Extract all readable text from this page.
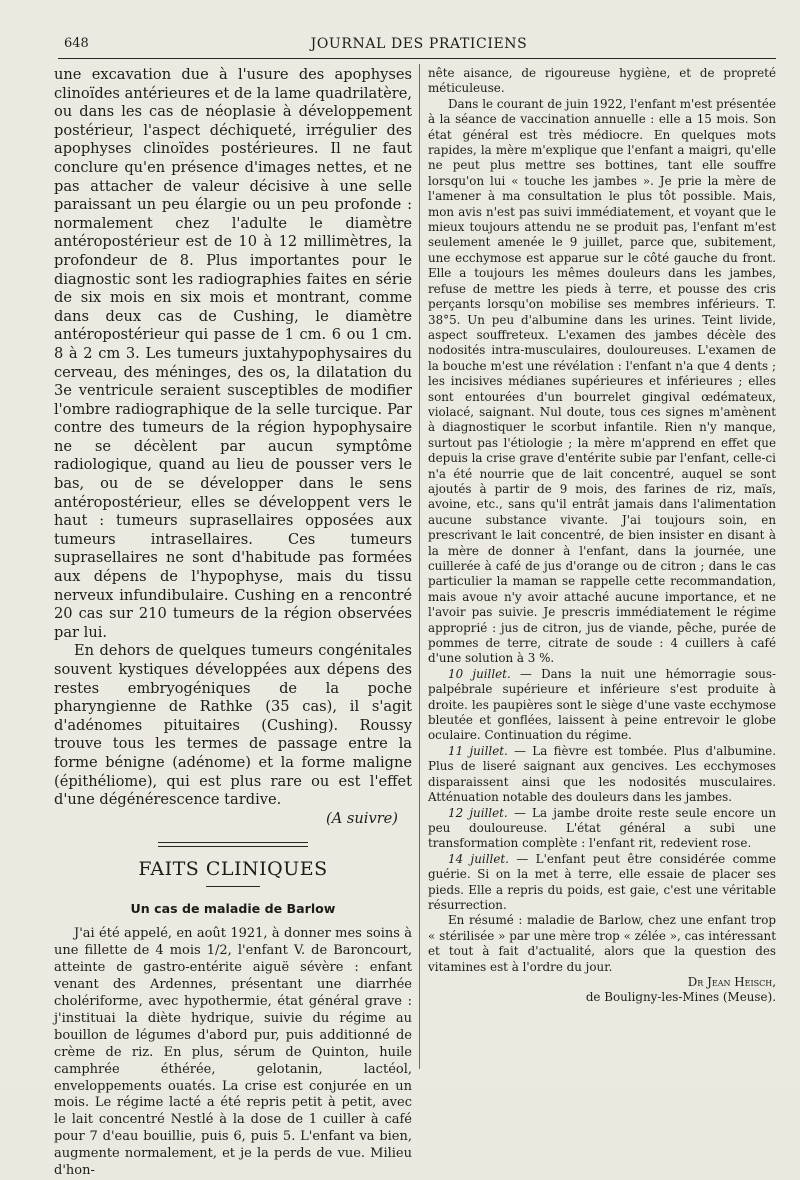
648	JOURNAL DES PRATICIENS

une excavation due à l'usure des apophyses clinoïdes antérieures et de la lame quadrilatère, ou dans les cas de néoplasie à développement postérieur, l'aspect déchiqueté, irrégulier des apophyses clinoïdes postérieures. Il ne faut conclure qu'en présence d'images nettes, et ne pas attacher de valeur décisive à une selle paraissant un peu élargie ou un peu profonde : normalement chez l'adulte le diamètre antéropostérieur est de 10 à 12 millimètres, la profondeur de 8. Plus importantes pour le diagnostic sont les radiographies faites en série de six mois en six mois et montrant, comme dans deux cas de Cushing, le diamètre antéropostérieur qui passe de 1 cm. 6 ou 1 cm. 8 à 2 cm 3. Les tumeurs juxtahypophysaires du cerveau, des méninges, des os, la dilatation du 3e ventricule seraient susceptibles de modifier l'ombre radiographique de la selle turcique. Par contre des tumeurs de la région hypophysaire ne se décèlent par aucun symptôme radiologique, quand au lieu de pousser vers le bas, ou de se développer dans le sens antéropostérieur, elles se développent vers le haut : tumeurs suprasellaires opposées aux tumeurs intrasellaires. Ces tumeurs suprasellaires ne sont d'habitude pas formées aux dépens de l'hypophyse, mais du tissu nerveux infundibulaire. Cushing en a rencontré 20 cas sur 210 tumeurs de la région observées par lui.

En dehors de quelques tumeurs congénitales souvent kystiques développées aux dépens des restes embryogéniques de la poche pharyngienne de Rathke (35 cas), il s'agit d'adénomes pituitaires (Cushing). Roussy trouve tous les termes de passage entre la forme bénigne (adénome) et la forme maligne (épithéliome), qui est plus rare ou est l'effet d'une dégénérescence tardive.

(A suivre)

FAITS CLINIQUES
Un cas de maladie de Barlow

J'ai été appelé, en août 1921, à donner mes soins à une fillette de 4 mois 1/2, l'enfant V. de Baroncourt, atteinte de gastro-entérite aiguë sévère : enfant venant des Ardennes, présentant une diarrhée cholériforme, avec hypothermie, état général grave : j'instituai la diète hydrique, suivie du régime au bouillon de légumes d'abord pur, puis additionné de crème de riz. En plus, sérum de Quinton, huile camphrée éthérée, gelotanin, lactéol, enveloppements ouatés. La crise est conjurée en un mois. Le régime lacté a été repris petit à petit, avec le lait concentré Nestlé à la dose de 1 cuiller à café pour 7 d'eau bouillie, puis 6, puis 5. L'enfant va bien, augmente normalement, et je la perds de vue. Milieu d'hon-

nête aisance, de rigoureuse hygiène, et de propreté méticuleuse.

Dans le courant de juin 1922, l'enfant m'est présentée à la séance de vaccination annuelle : elle a 15 mois. Son état général est très médiocre. En quelques mots rapides, la mère m'explique que l'enfant a maigri, qu'elle ne peut plus mettre ses bottines, tant elle souffre lorsqu'on lui « touche les jambes ». Je prie la mère de l'amener à ma consultation le plus tôt possible. Mais, mon avis n'est pas suivi immédiatement, et voyant que le mieux toujours attendu ne se produit pas, l'enfant m'est seulement amenée le 9 juillet, parce que, subitement, une ecchymose est apparue sur le côté gauche du front. Elle a toujours les mêmes douleurs dans les jambes, refuse de mettre les pieds à terre, et pousse des cris perçants lorsqu'on mobilise ses membres inférieurs. T. 38°5. Un peu d'albumine dans les urines. Teint livide, aspect souffreteux. L'examen des jambes décèle des nodosités intra-musculaires, douloureuses. L'examen de la bouche m'est une révélation : l'enfant n'a que 4 dents ; les incisives médianes supérieures et inférieures ; elles sont entourées d'un bourrelet gingival œdémateux, violacé, saignant. Nul doute, tous ces signes m'amènent à diagnostiquer le scorbut infantile. Rien n'y manque, surtout pas l'étiologie ; la mère m'apprend en effet que depuis la crise grave d'entérite subie par l'enfant, celle-ci n'a été nourrie que de lait concentré, auquel se sont ajoutés à partir de 9 mois, des farines de riz, maïs, avoine, etc., sans qu'il entrât jamais dans l'alimentation aucune substance vivante. J'ai toujours soin, en prescrivant le lait concentré, de bien insister en disant à la mère de donner à l'enfant, dans la journée, une cuillerée à café de jus d'orange ou de citron ; dans le cas particulier la maman se rappelle cette recommandation, mais avoue n'y avoir attaché aucune importance, et ne l'avoir pas suivie. Je prescris immédiatement le régime approprié : jus de citron, jus de viande, pêche, purée de pommes de terre, citrate de soude : 4 cuillers à café d'une solution à 3 %.

10 juillet. — Dans la nuit une hémorragie sous-palpébrale supérieure et inférieure s'est produite à droite. les paupières sont le siège d'une vaste ecchymose bleutée et gonflées, laissent à peine entrevoir le globe oculaire. Continuation du régime.

11 juillet. — La fièvre est tombée. Plus d'albumine. Plus de liseré saignant aux gencives. Les ecchymoses disparaissent ainsi que les nodosités musculaires. Atténuation notable des douleurs dans les jambes.

12 juillet. — La jambe droite reste seule encore un peu douloureuse. L'état général a subi une transformation complète : l'enfant rit, redevient rose.

14 juillet. — L'enfant peut être considérée comme guérie. Si on la met à terre, elle essaie de placer ses pieds. Elle a repris du poids, est gaie, c'est une véritable résurrection.

En résumé : maladie de Barlow, chez une enfant trop « stérilisée » par une mère trop « zélée », cas intéressant et tout à fait d'actualité, alors que la question des vitamines est à l'ordre du jour.

Dr Jean Heisch,

de Bouligny-les-Mines (Meuse).
